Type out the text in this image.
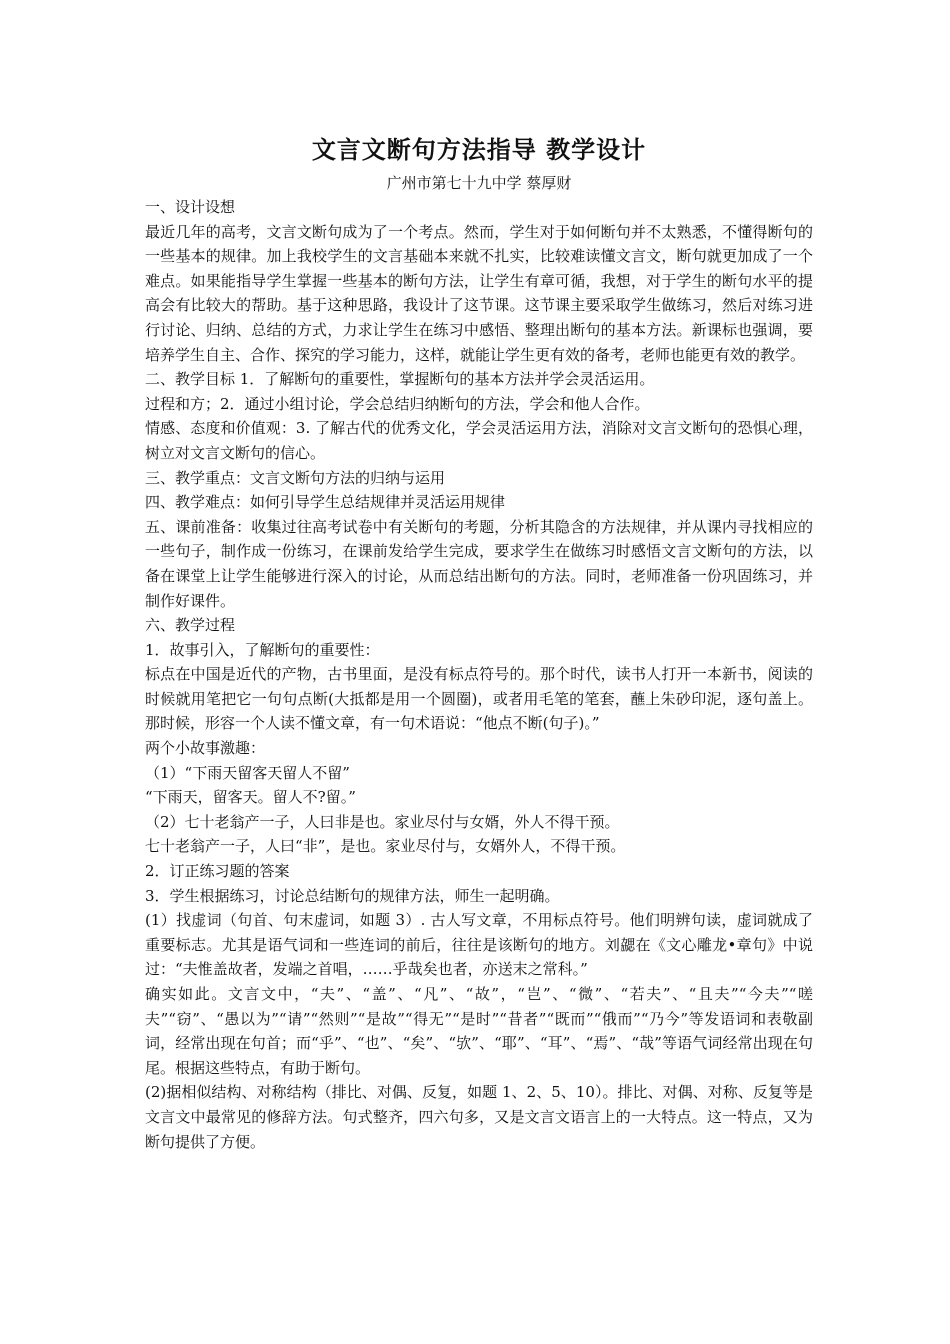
文言文断句方法指导 教学设计
广州市第七十九中学 蔡厚财

一、设计设想

最近几年的高考，文言文断句成为了一个考点。然而，学生对于如何断句并不太熟悉，不懂得断句的一些基本的规律。加上我校学生的文言基础本来就不扎实，比较难读懂文言文，断句就更加成了一个难点。如果能指导学生掌握一些基本的断句方法，让学生有章可循，我想，对于学生的断句水平的提高会有比较大的帮助。基于这种思路，我设计了这节课。这节课主要采取学生做练习，然后对练习进行讨论、归纳、总结的方式，力求让学生在练习中感悟、整理出断句的基本方法。新课标也强调，要培养学生自主、合作、探究的学习能力，这样，就能让学生更有效的备考，老师也能更有效的教学。

二、教学目标 1．了解断句的重要性，掌握断句的基本方法并学会灵活运用。

过程和方；2．通过小组讨论，学会总结归纳断句的方法，学会和他人合作。

情感、态度和价值观：3. 了解古代的优秀文化，学会灵活运用方法，消除对文言文断句的恐惧心理，树立对文言文断句的信心。

三、教学重点：文言文断句方法的归纳与运用

四、教学难点：如何引导学生总结规律并灵活运用规律

五、课前准备：收集过往高考试卷中有关断句的考题，分析其隐含的方法规律，并从课内寻找相应的一些句子，制作成一份练习，在课前发给学生完成，要求学生在做练习时感悟文言文断句的方法，以备在课堂上让学生能够进行深入的讨论，从而总结出断句的方法。同时，老师准备一份巩固练习，并制作好课件。

六、教学过程

1．故事引入，了解断句的重要性：

标点在中国是近代的产物，古书里面，是没有标点符号的。那个时代，读书人打开一本新书，阅读的时候就用笔把它一句句点断(大抵都是用一个圆圈)，或者用毛笔的笔套，蘸上朱砂印泥，逐句盖上。那时候，形容一个人读不懂文章，有一句术语说：“他点不断(句子)。”

两个小故事激趣：

（1）“下雨天留客天留人不留”

“下雨天，留客天。留人不?留。”

（2）七十老翁产一子，人曰非是也。家业尽付与女婿，外人不得干预。

七十老翁产一子，人曰“非”，是也。家业尽付与，女婿外人，不得干预。

2．订正练习题的答案

3．学生根据练习，讨论总结断句的规律方法，师生一起明确。

(1）找虚词（句首、句末虚词，如题 3）. 古人写文章，不用标点符号。他们明辨句读，虚词就成了重要标志。尤其是语气词和一些连词的前后，往往是该断句的地方。刘勰在《文心雕龙•章句》中说过：“夫惟盖故者，发端之首唱，……乎哉矣也者，亦送末之常科。”

确实如此。文言文中，“夫”、“盖”、“凡”、“故”，“岂”、“微”、“若夫”、“且夫”“今夫”“嗟夫”“窃”、“愚以为”“请”“然则”“是故”“得无”“是时”“昔者”“既而”“俄而”“乃今”等发语词和表敬副词，经常出现在句首；而“乎”、“也”、“矣”、“欤”、“耶”、“耳”、“焉”、“哉”等语气词经常出现在句尾。根据这些特点，有助于断句。

(2)据相似结构、对称结构（排比、对偶、反复，如题 1、2、5、10）。排比、对偶、对称、反复等是文言文中最常见的修辞方法。句式整齐，四六句多，又是文言文语言上的一大特点。这一特点，又为断句提供了方便。
